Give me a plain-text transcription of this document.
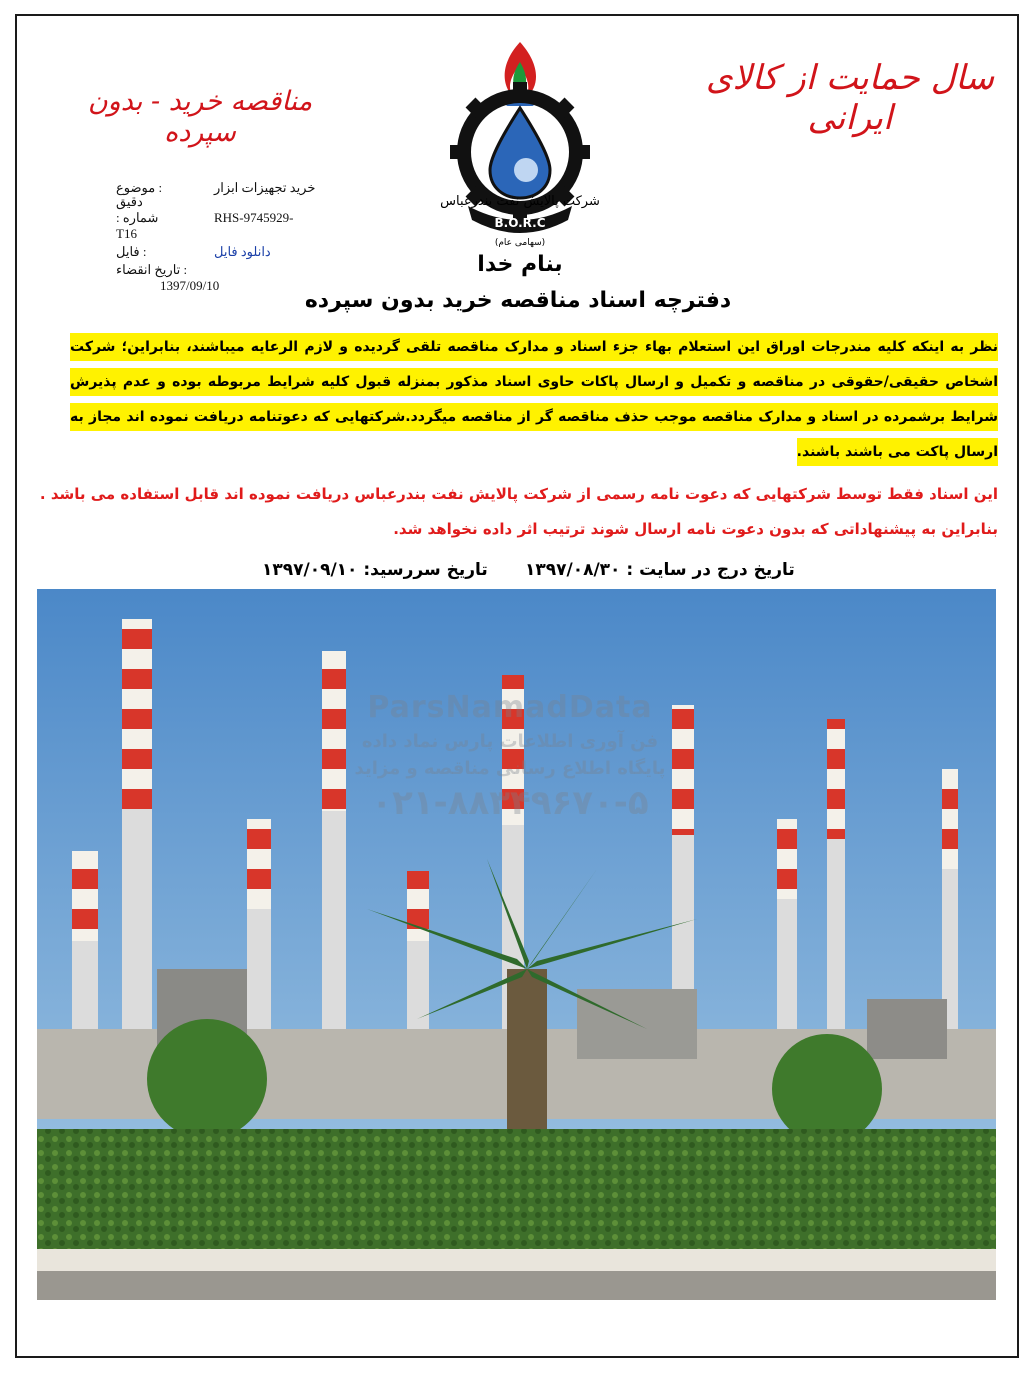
سال حمایت از کالای ایرانی
مناقصه خرید - بدون سپرده
B.O.R.C
شرکت پالایش نفت بندرعباس
(سهامی عام)
بنام خدا
موضوع :	خرید تجهیزات ابزار
دقیق
: شماره	RHS-9745929-
T16
فایل :	دانلود فایل
تاریخ انقضاء :
1397/09/10
دفترچه اسناد مناقصه خرید بدون سپرده
نظر به اینکه کلیه مندرجات اوراق این استعلام بهاء جزء اسناد و مدارک مناقصه تلقی گردیده و لازم الرعایه میباشند، بنابراین؛ شرکت اشخاص حقیقی/حقوقی در مناقصه و تکمیل و ارسال پاکات حاوی اسناد مذکور بمنزله قبول کلیه شرایط مربوطه بوده و عدم پذیرش شرایط برشمرده در اسناد و مدارک مناقصه موجب حذف مناقصه گر از مناقصه میگردد.شرکتهایی که دعوتنامه دریافت نموده اند مجاز به ارسال پاکت می باشند باشند.
این اسناد فقط توسط شرکتهایی که دعوت نامه رسمی از شرکت پالایش نفت بندرعباس دریافت نموده اند قابل استفاده می باشد .
بنابراین به پیشنهاداتی که بدون دعوت نامه ارسال شوند ترتیب اثر داده نخواهد شد.
تاریخ درج در سایت : ۱۳۹۷/۰۸/۳۰
تاریخ سررسید: ۱۳۹۷/۰۹/۱۰
ParsNamadData
فن آوری اطلاعات پارس نماد داده
پایگاه اطلاع رسانی مناقصه و مزاید
۰۲۱-۸۸۳۴۹۶۷۰-۵
